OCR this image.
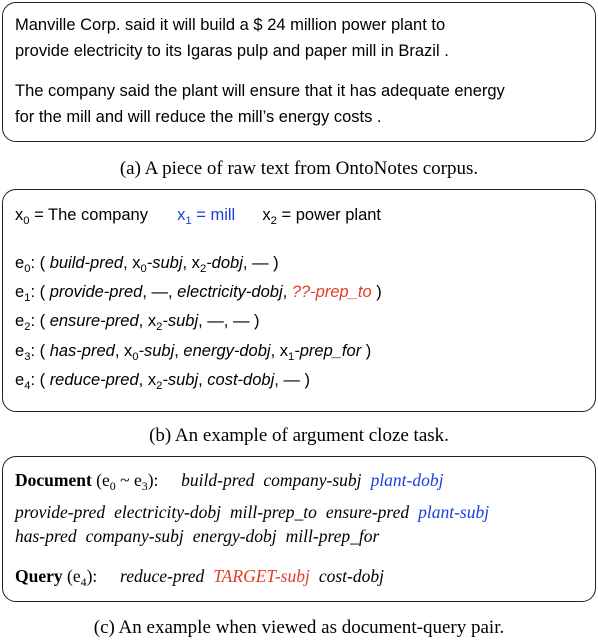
Manville Corp. said it will build a $ 24 million power plant to
provide electricity to its Igaras pulp and paper mill in Brazil .
The company said the plant will ensure that it has adequate energy
for the mill and will reduce the mill’s energy costs .
(a) A piece of raw text from OntoNotes corpus.
$x_0$ = The company $x_1$ = mill $x_2$ = power plant
$e_0$: ( build-pred, $x_0$-subj, $x_2$-dobj, — )
$e_1$: ( provide-pred, —, electricity-dobj, ??-prep_to )
$e_2$: ( ensure-pred, $x_2$-subj, —, — )
$e_3$: ( has-pred, $x_0$-subj, energy-dobj, $x_1-prep\_for$ )
$e_4$: ( reduce-pred, $x_2$-subj, cost-dobj, — )
(b) An example of argument cloze task.
Document ($e_0$ ~ $e_3$): build-pred company-subj plant-dobj
provide-pred electricity-dobj mill-prep_to ensure-pred plant-subj
has-pred company-subj energy-dobj mill-prep_for
Query $(e_4)$: reduce-pred TARGET-subj cost-dobj
(c) An example when viewed as document-query pair.
